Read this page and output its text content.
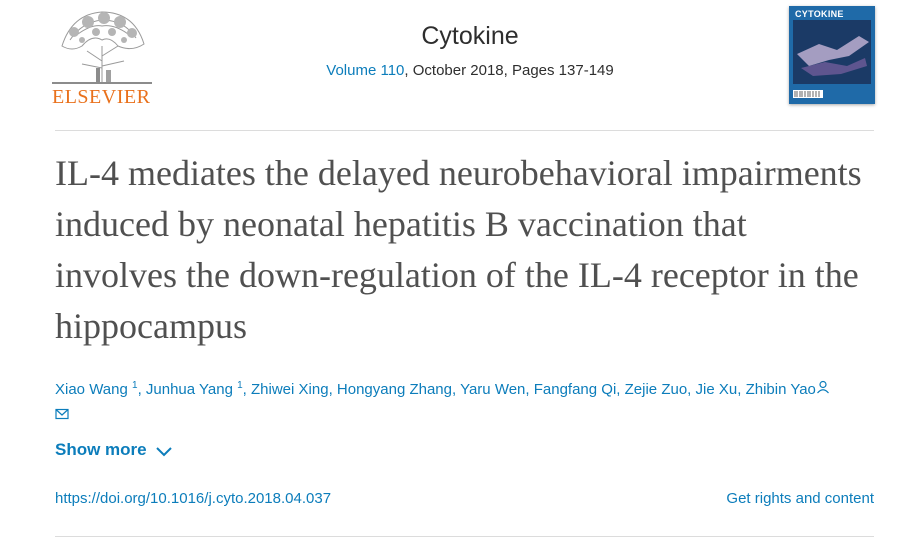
ELSEVIER
Cytokine
Volume 110, October 2018, Pages 137-149
CYTOKINE
IL-4 mediates the delayed neurobehavioral impairments induced by neonatal hepatitis B vaccination that involves the down-regulation of the IL-4 receptor in the hippocampus
Xiao Wang $^1$, Junhua Yang $^1$, Zhiwei Xing, Hongyang Zhang, Yaru Wen, Fangfang Qi, Zejie Zuo, Jie Xu, Zhibin Yao

Show more
https://doi.org/10.1016/j.cyto.2018.04.037	Get rights and content
